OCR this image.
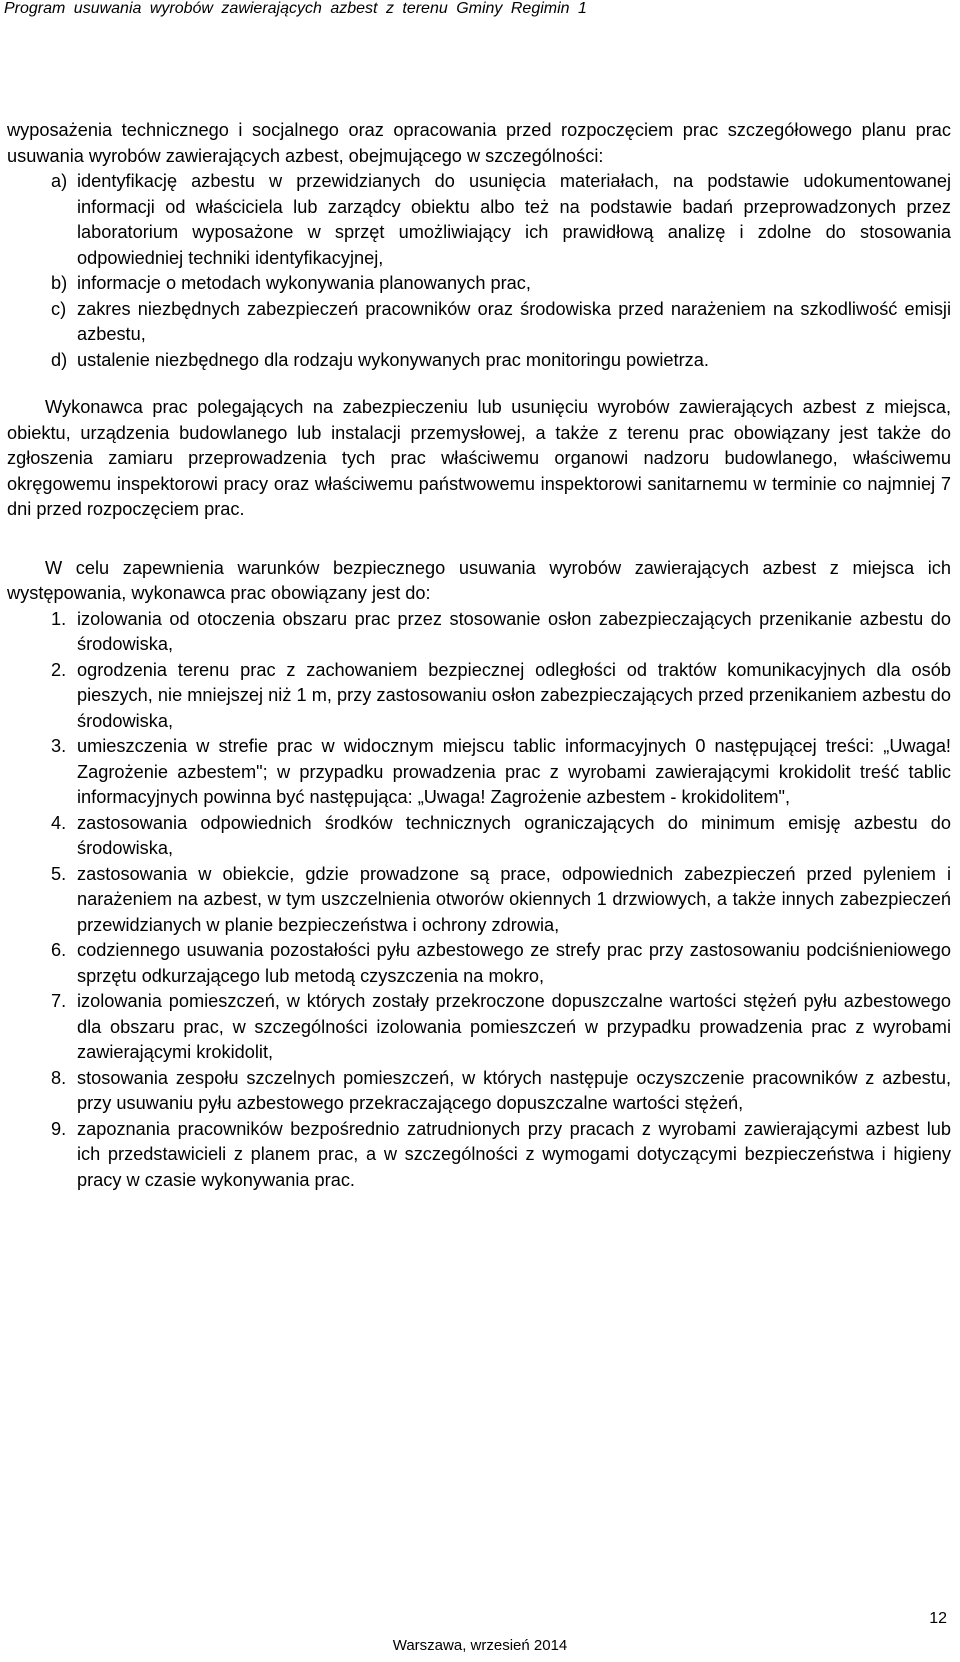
Program usuwania wyrobów zawierających azbest z terenu Gminy Regimin 1

wyposażenia technicznego i socjalnego oraz opracowania przed rozpoczęciem prac szczegółowego planu prac usuwania wyrobów zawierających azbest, obejmującego w szczególności:

a) identyfikację azbestu w przewidzianych do usunięcia materiałach, na podstawie udokumentowanej informacji od właściciela lub zarządcy obiektu albo też na podstawie badań przeprowadzonych przez laboratorium wyposażone w sprzęt umożliwiający ich prawidłową analizę i zdolne do stosowania odpowiedniej techniki identyfikacyjnej,
b) informacje o metodach wykonywania planowanych prac,
c) zakres niezbędnych zabezpieczeń pracowników oraz środowiska przed narażeniem na szkodliwość emisji azbestu,
d) ustalenie niezbędnego dla rodzaju wykonywanych prac monitoringu powietrza.

Wykonawca prac polegających na zabezpieczeniu lub usunięciu wyrobów zawierających azbest z miejsca, obiektu, urządzenia budowlanego lub instalacji przemysłowej, a także z terenu prac obowiązany jest także do zgłoszenia zamiaru przeprowadzenia tych prac właściwemu organowi nadzoru budowlanego, właściwemu okręgowemu inspektorowi pracy oraz właściwemu państwowemu inspektorowi sanitarnemu w terminie co najmniej 7 dni przed rozpoczęciem prac.

W celu zapewnienia warunków bezpiecznego usuwania wyrobów zawierających azbest z miejsca ich występowania, wykonawca prac obowiązany jest do:

1. izolowania od otoczenia obszaru prac przez stosowanie osłon zabezpieczających przenikanie azbestu do środowiska,
2. ogrodzenia terenu prac z zachowaniem bezpiecznej odległości od traktów komunikacyjnych dla osób pieszych, nie mniejszej niż 1 m, przy zastosowaniu osłon zabezpieczających przed przenikaniem azbestu do środowiska,
3. umieszczenia w strefie prac w widocznym miejscu tablic informacyjnych 0 następującej treści: „Uwaga! Zagrożenie azbestem"; w przypadku prowadzenia prac z wyrobami zawierającymi krokidolit treść tablic informacyjnych powinna być następująca: „Uwaga! Zagrożenie azbestem - krokidolitem",
4. zastosowania odpowiednich środków technicznych ograniczających do minimum emisję azbestu do środowiska,
5. zastosowania w obiekcie, gdzie prowadzone są prace, odpowiednich zabezpieczeń przed pyleniem i narażeniem na azbest, w tym uszczelnienia otworów okiennych 1 drzwiowych, a także innych zabezpieczeń przewidzianych w planie bezpieczeństwa i ochrony zdrowia,
6. codziennego usuwania pozostałości pyłu azbestowego ze strefy prac przy zastosowaniu podciśnieniowego sprzętu odkurzającego lub metodą czyszczenia na mokro,
7. izolowania pomieszczeń, w których zostały przekroczone dopuszczalne wartości stężeń pyłu azbestowego dla obszaru prac, w szczególności izolowania pomieszczeń w przypadku prowadzenia prac z wyrobami zawierającymi krokidolit,
8. stosowania zespołu szczelnych pomieszczeń, w których następuje oczyszczenie pracowników z azbestu, przy usuwaniu pyłu azbestowego przekraczającego dopuszczalne wartości stężeń,
9. zapoznania pracowników bezpośrednio zatrudnionych przy pracach z wyrobami zawierającymi azbest lub ich przedstawicieli z planem prac, a w szczególności z wymogami dotyczącymi bezpieczeństwa i higieny pracy w czasie wykonywania prac.
12
Warszawa, wrzesień 2014
